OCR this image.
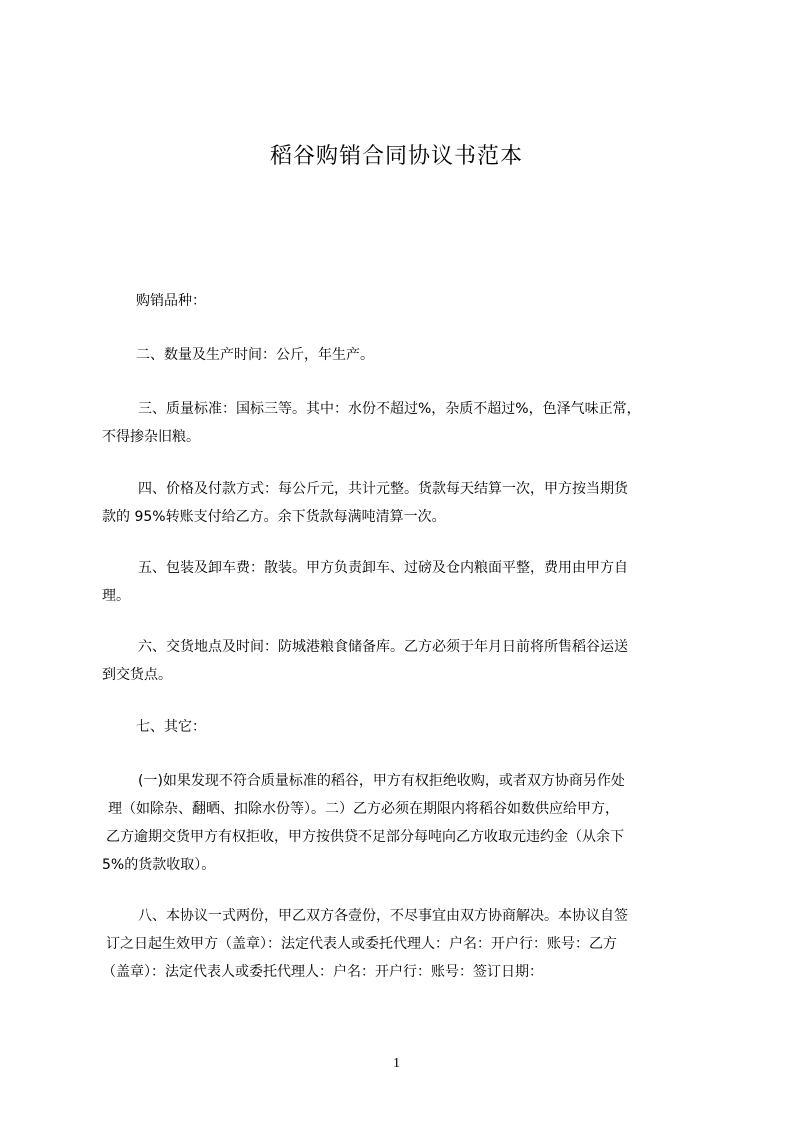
稻谷购销合同协议书范本
购销品种：
二、数量及生产时间：公斤，年生产。
三、质量标准：国标三等。其中：水份不超过%，杂质不超过%，色泽气味正常，
不得掺杂旧粮。
四、价格及付款方式：每公斤元，共计元整。货款每天结算一次，甲方按当期货
款的 95%转账支付给乙方。余下货款每满吨清算一次。
五、包装及卸车费：散装。甲方负责卸车、过磅及仓内粮面平整，费用由甲方自
理。
六、交货地点及时间：防城港粮食储备库。乙方必须于年月日前将所售稻谷运送
到交货点。
七、其它：
(一)如果发现不符合质量标准的稻谷，甲方有权拒绝收购，或者双方协商另作处
理（如除杂、翻晒、扣除水份等）。二）乙方必须在期限内将稻谷如数供应给甲方，
乙方逾期交货甲方有权拒收，甲方按供贷不足部分每吨向乙方收取元违约金（从余下
5%的货款收取）。
八、本协议一式两份，甲乙双方各壹份，不尽事宜由双方协商解决。本协议自签
订之日起生效甲方（盖章）：法定代表人或委托代理人：户名：开户行：账号：乙方
（盖章）：法定代表人或委托代理人：户名：开户行：账号：签订日期：
1
